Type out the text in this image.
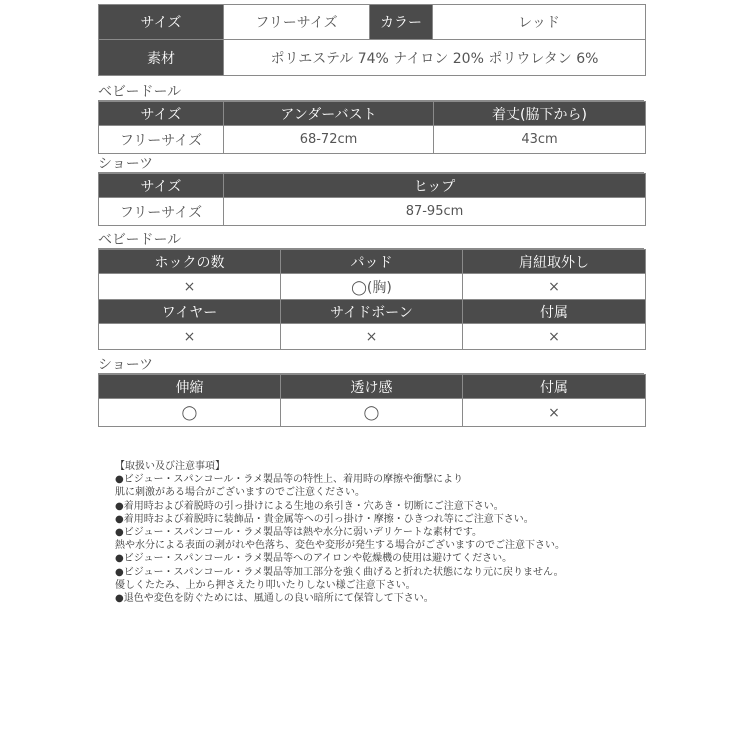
サイズ	フリーサイズ	カラー	レッド
素材	ポリエステル 74% ナイロン 20% ポリウレタン 6%		
ベビードール
サイズ	アンダーバスト	着丈(脇下から)
フリーサイズ	68-72cm	43cm
ショーツ
サイズ	ヒップ
フリーサイズ	87-95cm
ベビードール
ホックの数	パッド	肩紐取外し
×	◯(胸)	×
ワイヤー	サイドボーン	付属
×	×	×
ショーツ
伸縮	透け感	付属
◯	◯	×
【取扱い及び注意事項】
●ビジュー・スパンコール・ラメ製品等の特性上、着用時の摩擦や衝撃により
肌に刺激がある場合がございますのでご注意ください。
●着用時および着脱時の引っ掛けによる生地の糸引き・穴あき・切断にご注意下さい。
●着用時および着脱時に装飾品・貴金属等への引っ掛け・摩擦・ひきつれ等にご注意下さい。
●ビジュー・スパンコール・ラメ製品等は熱や水分に弱いデリケートな素材です。
熱や水分による表面の剥がれや色落ち、変色や変形が発生する場合がございますのでご注意下さい。
●ビジュー・スパンコール・ラメ製品等へのアイロンや乾燥機の使用は避けてください。
●ビジュー・スパンコール・ラメ製品等加工部分を強く曲げると折れた状態になり元に戻りません。
優しくたたみ、上から押さえたり叩いたりしない様ご注意下さい。
●退色や変色を防ぐためには、風通しの良い暗所にて保管して下さい。
